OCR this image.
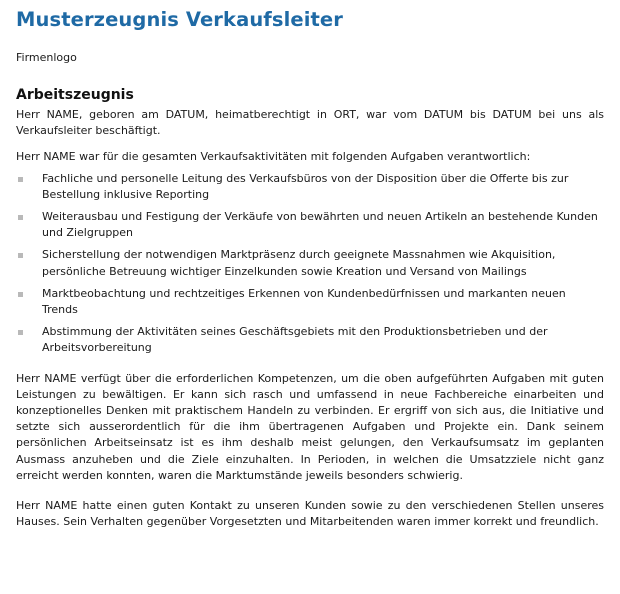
Musterzeugnis Verkaufsleiter
Firmenlogo
Arbeitszeugnis

Herr NAME, geboren am DATUM, heimatberechtigt in ORT, war vom DATUM bis DATUM bei uns als Verkaufsleiter beschäftigt.

Herr NAME war für die gesamten Verkaufsaktivitäten mit folgenden Aufgaben verantwortlich:

Fachliche und personelle Leitung des Verkaufsbüros von der Disposition über die Offerte bis zur Bestellung inklusive Reporting
Weiterausbau und Festigung der Verkäufe von bewährten und neuen Artikeln an bestehende Kunden und Zielgruppen
Sicherstellung der notwendigen Marktpräsenz durch geeignete Massnahmen wie Akquisition, persönliche Betreuung wichtiger Einzelkunden sowie Kreation und Versand von Mailings
Marktbeobachtung und rechtzeitiges Erkennen von Kundenbedürfnissen und markanten neuen Trends
Abstimmung der Aktivitäten seines Geschäftsgebiets mit den Produktionsbetrieben und der Arbeitsvorbereitung

Herr NAME verfügt über die erforderlichen Kompetenzen, um die oben aufgeführten Aufgaben mit guten Leistungen zu bewältigen. Er kann sich rasch und umfassend in neue Fachbereiche einarbeiten und konzeptionelles Denken mit praktischem Handeln zu verbinden. Er ergriff von sich aus, die Initiative und setzte sich ausserordentlich für die ihm übertragenen Aufgaben und Projekte ein. Dank seinem persönlichen Arbeitseinsatz ist es ihm deshalb meist gelungen, den Verkaufsumsatz im geplanten Ausmass anzuheben und die Ziele einzuhalten. In Perioden, in welchen die Umsatzziele nicht ganz erreicht werden konnten, waren die Marktumstände jeweils besonders schwierig.

Herr NAME hatte einen guten Kontakt zu unseren Kunden sowie zu den verschiedenen Stellen unseres Hauses. Sein Verhalten gegenüber Vorgesetzten und Mitarbeitenden waren immer korrekt und freundlich.
